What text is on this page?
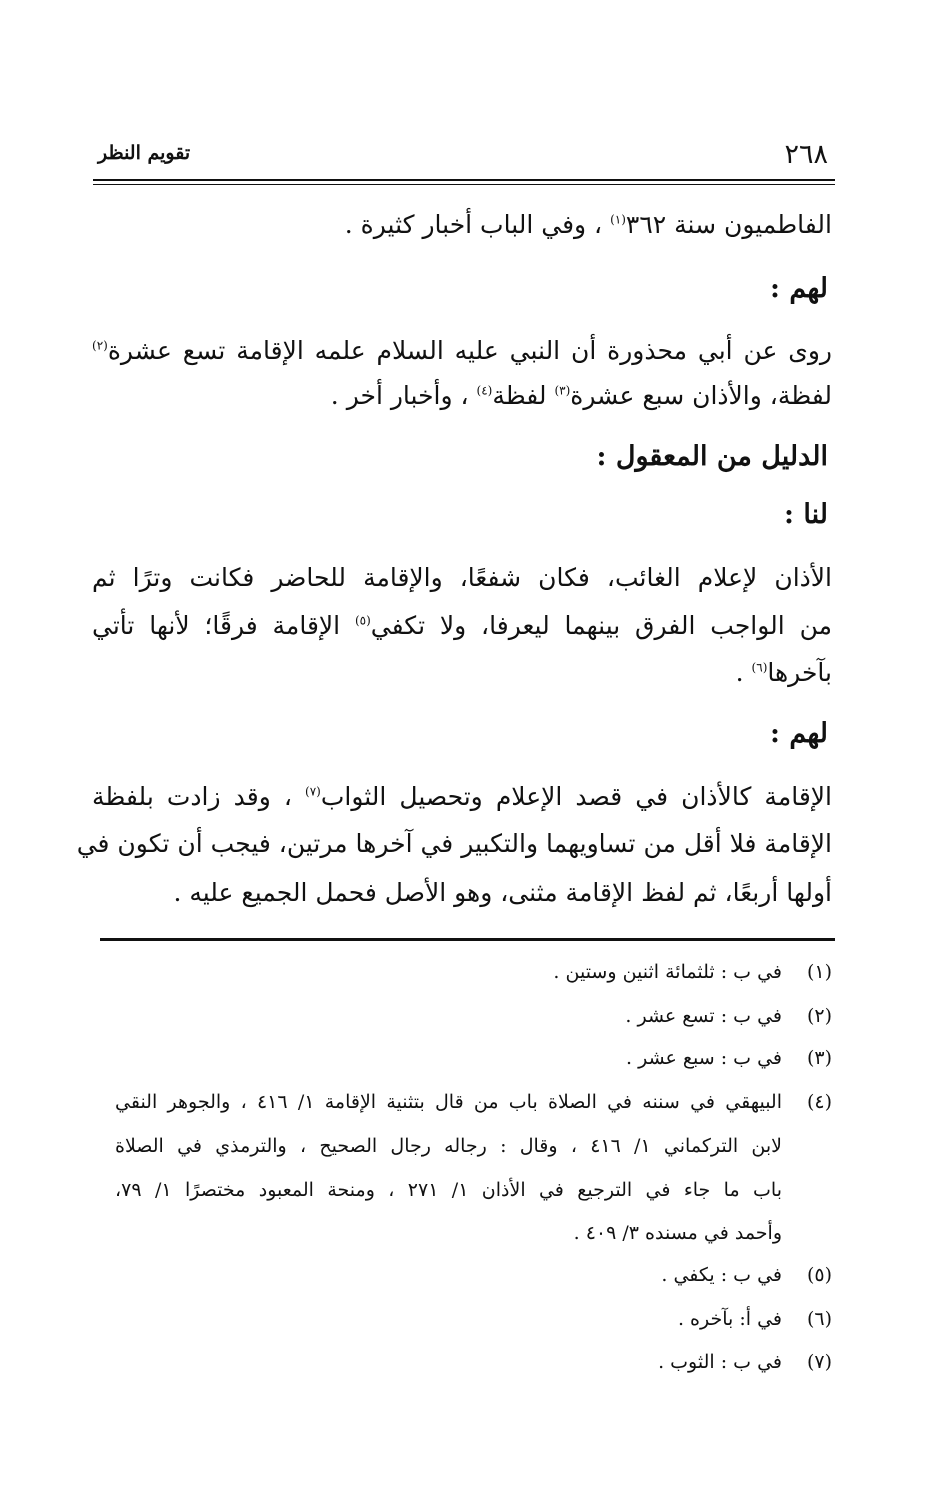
تقويم النظر	٢٦٨
الفاطميون سنة ٣٦٢$^{(١)}$ ، وفي الباب أخبار كثيرة .
لهم :
روى عن أبي محذورة أن النبي عليه السلام علمه الإقامة تسع عشرة$^{(٢)}$
لفظة، والأذان سبع عشرة$^{(٣)}$ لفظة$^{(٤)}$ ، وأخبار أخر .
الدليل من المعقول :
لنا :
الأذان لإعلام الغائب، فكان شفعًا، والإقامة للحاضر فكانت وترًا ثم
من الواجب الفرق بينهما ليعرفا، ولا تكفي$^{(٥)}$ الإقامة فرقًا؛ لأنها تأتي
بآخرها$^{(٦)}$ .
لهم :
الإقامة كالأذان في قصد الإعلام وتحصيل الثواب$^{(٧)}$ ، وقد زادت بلفظة
الإقامة فلا أقل من تساويهما والتكبير في آخرها مرتين، فيجب أن تكون في
أولها أربعًا، ثم لفظ الإقامة مثنى، وهو الأصل فحمل الجميع عليه .
(١)في ب : ثلثمائة اثنين وستين .
(٢)في ب : تسع عشر .
(٣)في ب : سبع عشر .
(٤)البيهقي في سننه في الصلاة باب من قال بتثنية الإقامة ١/ ٤١٦ ، والجوهر النقي
لابن التركماني ١/ ٤١٦ ، وقال : رجاله رجال الصحيح ، والترمذي في الصلاة
باب ما جاء في الترجيع في الأذان ١/ ٢٧١ ، ومنحة المعبود مختصرًا ١/ ٧٩،
وأحمد في مسنده ٣/ ٤٠٩ .
(٥)في ب : يكفي .
(٦)في أ: بآخره .
(٧)في ب : الثوب .
